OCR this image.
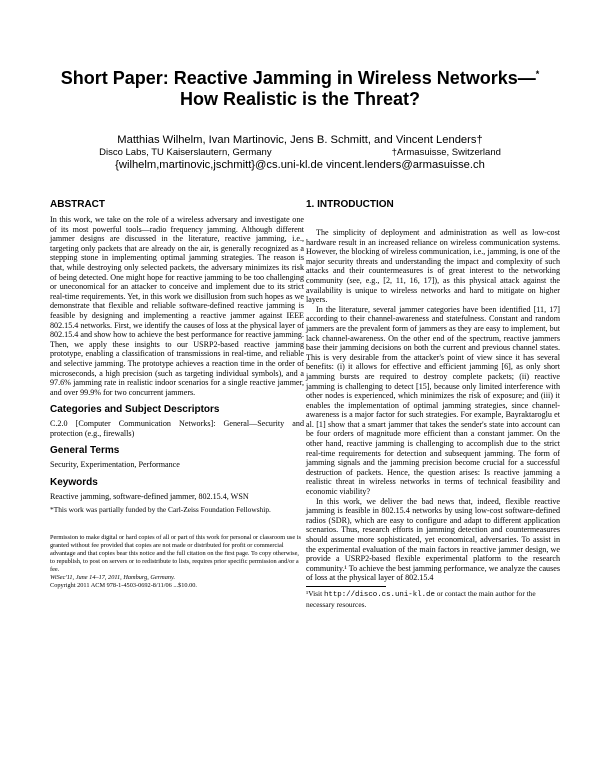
Short Paper: Reactive Jamming in Wireless Networks—*
How Realistic is the Threat?
Matthias Wilhelm, Ivan Martinovic, Jens B. Schmitt, and Vincent Lenders†
Disco Labs, TU Kaiserslautern, Germany	†Armasuisse, Switzerland
{wilhelm,martinovic,jschmitt}@cs.uni-kl.de vincent.lenders@armasuisse.ch
ABSTRACT

In this work, we take on the role of a wireless adversary and investigate one of its most powerful tools—radio frequency jamming. Although different jammer designs are discussed in the literature, reactive jamming, i.e., targeting only packets that are already on the air, is generally recognized as a stepping stone in implementing optimal jamming strategies. The reason is that, while destroying only selected packets, the adversary minimizes its risk of being detected. One might hope for reactive jamming to be too challenging or uneconomical for an attacker to conceive and implement due to its strict real-time requirements. Yet, in this work we disillusion from such hopes as we demonstrate that flexible and reliable software-defined reactive jamming is feasible by designing and implementing a reactive jammer against IEEE 802.15.4 networks. First, we identify the causes of loss at the physical layer of 802.15.4 and show how to achieve the best performance for reactive jamming. Then, we apply these insights to our USRP2-based reactive jamming prototype, enabling a classification of transmissions in real-time, and reliable and selective jamming. The prototype achieves a reaction time in the order of microseconds, a high precision (such as targeting individual symbols), and a 97.6% jamming rate in realistic indoor scenarios for a single reactive jammer, and over 99.9% for two concurrent jammers.

Categories and Subject Descriptors

C.2.0 [Computer Communication Networks]: General—Security and protection (e.g., firewalls)

General Terms

Security, Experimentation, Performance

Keywords

Reactive jamming, software-defined jammer, 802.15.4, WSN

*This work was partially funded by the Carl-Zeiss Foundation Fellowship.

Permission to make digital or hard copies of all or part of this work for personal or classroom use is granted without fee provided that copies are not made or distributed for profit or commercial advantage and that copies bear this notice and the full citation on the first page. To copy otherwise, to republish, to post on servers or to redistribute to lists, requires prior specific permission and/or a fee.

WiSec'11, June 14–17, 2011, Hamburg, Germany.

Copyright 2011 ACM 978-1-4503-0692-8/11/06 ...$10.00.

1. INTRODUCTION

The simplicity of deployment and administration as well as low-cost hardware result in an increased reliance on wireless communication systems. However, the blocking of wireless communication, i.e., jamming, is one of the major security threats and understanding the impact and complexity of such attacks and their countermeasures is of great interest to the networking community (see, e.g., [2, 11, 16, 17]), as this physical attack against the availability is unique to wireless networks and hard to mitigate on higher layers.

In the literature, several jammer categories have been identified [11, 17] according to their channel-awareness and statefulness. Constant and random jammers are the prevalent form of jammers as they are easy to implement, but lack channel-awareness. On the other end of the spectrum, reactive jammers base their jamming decisions on both the current and previous channel states. This is very desirable from the attacker's point of view since it has several benefits: (i) it allows for effective and efficient jamming [6], as only short jamming bursts are required to destroy complete packets; (ii) reactive jamming is challenging to detect [15], because only limited interference with other nodes is experienced, which minimizes the risk of exposure; and (iii) it enables the implementation of optimal jamming strategies, since channel-awareness is a major factor for such strategies. For example, Bayraktaroglu et al. [1] show that a smart jammer that takes the sender's state into account can be four orders of magnitude more efficient than a constant jammer. On the other hand, reactive jamming is challenging to accomplish due to the strict real-time requirements for detection and subsequent jamming. The form of jamming signals and the jamming precision become crucial for a successful destruction of packets. Hence, the question arises: Is reactive jamming a realistic threat in wireless networks in terms of technical feasibility and economic viability?

In this work, we deliver the bad news that, indeed, flexible reactive jamming is feasible in 802.15.4 networks by using low-cost software-defined radios (SDR), which are easy to configure and adapt to different application scenarios. Thus, research efforts in jamming detection and countermeasures should assume more sophisticated, yet economical, adversaries. To assist in the experimental evaluation of the main factors in reactive jammer design, we provide a USRP2-based flexible experimental platform to the research community.¹ To achieve the best jamming performance, we analyze the causes of loss at the physical layer of 802.15.4

¹Visit http://disco.cs.uni-kl.de or contact the main author for the necessary resources.
